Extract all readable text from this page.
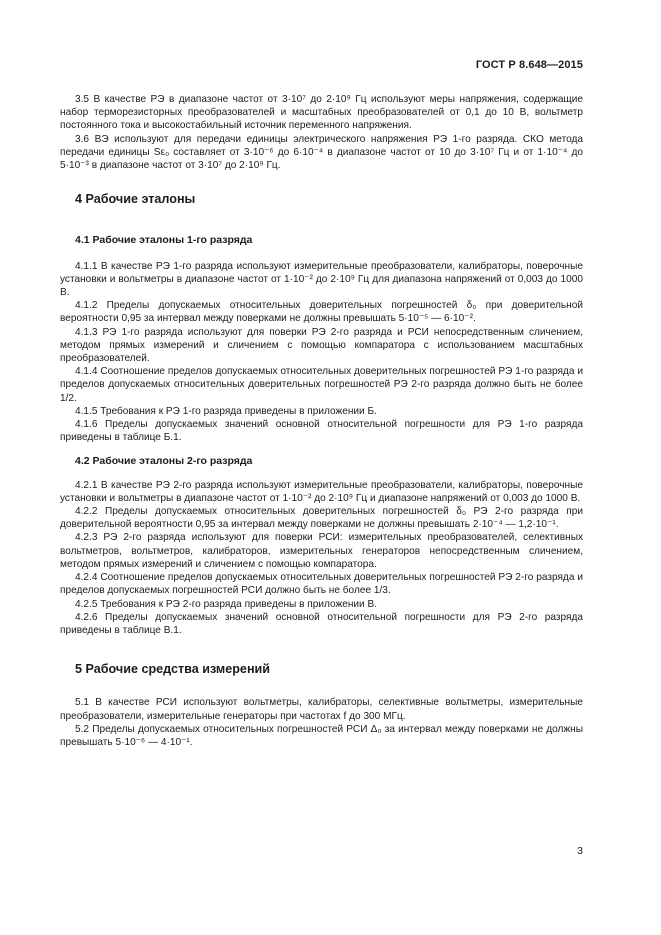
ГОСТ Р 8.648—2015

3.5 В качестве РЭ в диапазоне частот от 3·10⁷ до 2·10⁹ Гц используют меры напряжения, содержащие набор терморезисторных преобразователей и масштабных преобразователей от 0,1 до 10 В, вольтметр постоянного тока и высокостабильный источник переменного напряжения.

3.6 ВЭ используют для передачи единицы электрического напряжения РЭ 1-го разряда. СКО метода передачи единицы Sε₀ составляет от 3·10⁻⁶ до 6·10⁻⁴ в диапазоне частот от 10 до 3·10⁷ Гц и от 1·10⁻⁴ до 5·10⁻³ в диапазоне частот от 3·10⁷ до 2·10⁹ Гц.

4 Рабочие эталоны

4.1 Рабочие эталоны 1-го разряда

4.1.1 В качестве РЭ 1-го разряда используют измерительные преобразователи, калибраторы, поверочные установки и вольтметры в диапазоне частот от 1·10⁻² до 2·10⁹ Гц для диапазона напряжений от 0,003 до 1000 В.

4.1.2 Пределы допускаемых относительных доверительных погрешностей δ₀ при доверительной вероятности 0,95 за интервал между поверками не должны превышать 5·10⁻⁵ — 6·10⁻².

4.1.3 РЭ 1-го разряда используют для поверки РЭ 2-го разряда и РСИ непосредственным сличением, методом прямых измерений и сличением с помощью компаратора с использованием масштабных преобразователей.

4.1.4 Соотношение пределов допускаемых относительных доверительных погрешностей РЭ 1-го разряда и пределов допускаемых относительных доверительных погрешностей РЭ 2-го разряда должно быть не более 1/2.

4.1.5 Требования к РЭ 1-го разряда приведены в приложении Б.

4.1.6 Пределы допускаемых значений основной относительной погрешности для РЭ 1-го разряда приведены в таблице Б.1.

4.2 Рабочие эталоны 2-го разряда

4.2.1 В качестве РЭ 2-го разряда используют измерительные преобразователи, калибраторы, поверочные установки и вольтметры в диапазоне частот от 1·10⁻² до 2·10⁹ Гц и диапазоне напряжений от 0,003 до 1000 В.

4.2.2 Пределы допускаемых относительных доверительных погрешностей δ₀ РЭ 2-го разряда при доверительной вероятности 0,95 за интервал между поверками не должны превышать 2·10⁻⁴ — 1,2·10⁻¹.

4.2.3 РЭ 2-го разряда используют для поверки РСИ: измерительных преобразователей, селективных вольтметров, вольтметров, калибраторов, измерительных генераторов непосредственным сличением, методом прямых измерений и сличением с помощью компаратора.

4.2.4 Соотношение пределов допускаемых относительных доверительных погрешностей РЭ 2-го разряда и пределов допускаемых погрешностей РСИ должно быть не более 1/3.

4.2.5 Требования к РЭ 2-го разряда приведены в приложении В.

4.2.6 Пределы допускаемых значений основной относительной погрешности для РЭ 2-го разряда приведены в таблице В.1.

5 Рабочие средства измерений

5.1 В качестве РСИ используют вольтметры, калибраторы, селективные вольтметры, измерительные преобразователи, измерительные генераторы при частотах f до 300 МГц.

5.2 Пределы допускаемых относительных погрешностей РСИ Δ₀ за интервал между поверками не должны превышать 5·10⁻⁶ — 4·10⁻¹.

3
